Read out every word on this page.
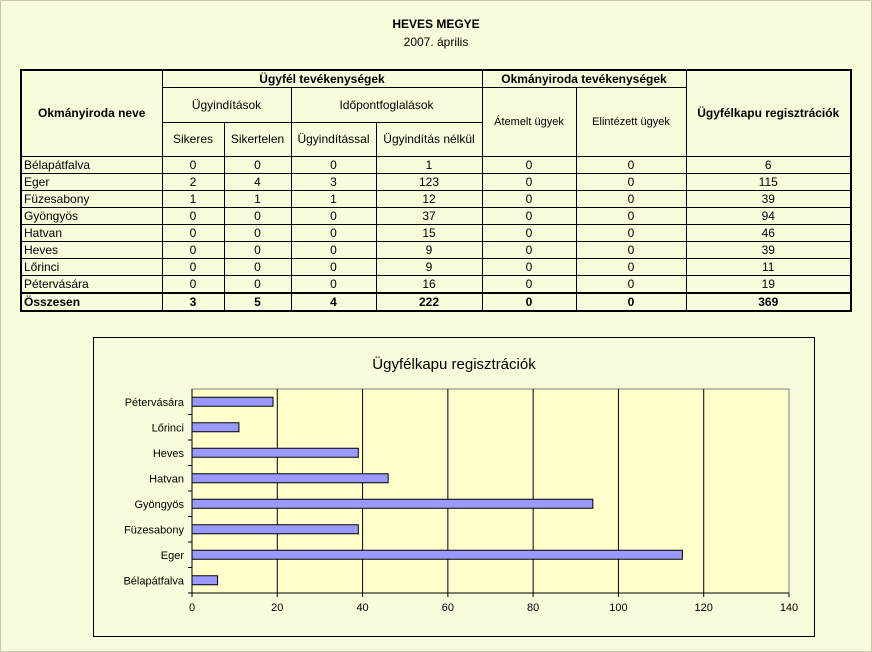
HEVES MEGYE
2007. április
Okmányiroda neve	Ügyfél tevékenységek				Okmányiroda tevékenységek		Ügyfélkapu regisztrációk
	Ügyindítások		Időpontfoglalások		Átemelt ügyek	Elintézett ügyek	
	Sikeres	Sikertelen	Ügyindítással	Ügyindítás nélkül			
Bélapátfalva	0	0	0	1	0	0	6
Eger	2	4	3	123	0	0	115
Füzesabony	1	1	1	12	0	0	39
Gyöngyös	0	0	0	37	0	0	94
Hatvan	0	0	0	15	0	0	46
Heves	0	0	0	9	0	0	39
Lőrinci	0	0	0	9	0	0	11
Pétervására	0	0	0	16	0	0	19
Összesen	3	5	4	222	0	0	369
Ügyfélkapu regisztrációk
0	20	40	60	80	100	120	140
Bélapátfalva
Eger
Füzesabony
Gyöngyös
Hatvan
Heves
Lőrinci
Pétervására
